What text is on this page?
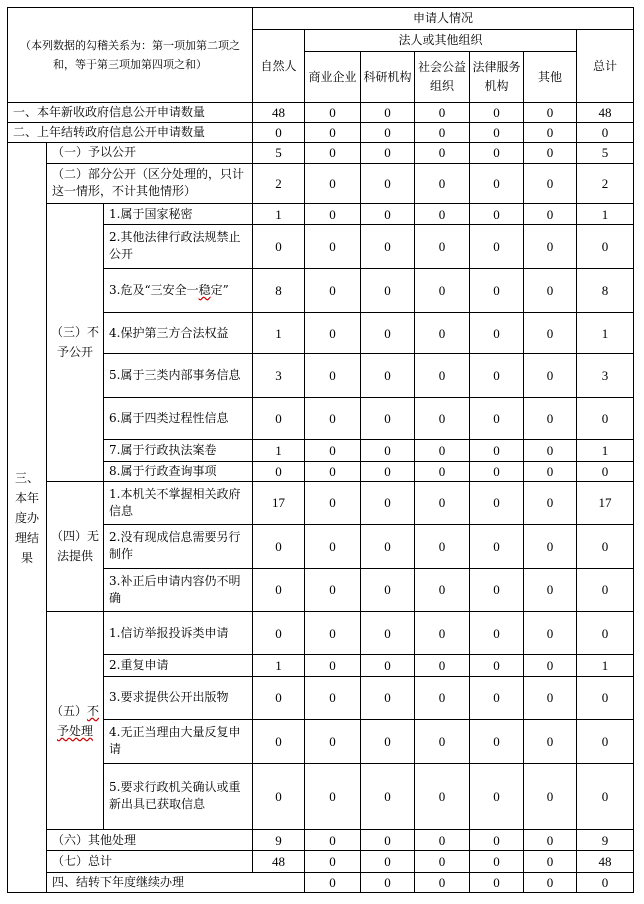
（本列数据的勾稽关系为：第一项加第二项之和，等于第三项加第四项之和）			申请人情况							
			自然人	法人或其他组织					总计	
				商业企业	科研机构	社会公益组织	法律服务机构	其他		
一、本年新收政府信息公开申请数量			48	0	0	0	0	0	48	
二、上年结转政府信息公开申请数量			0	0	0	0	0	0	0	
三、本年度办理结果	（一）予以公开		5	0	0	0	0	0	5	
	（二）部分公开（区分处理的，只计这一情形，不计其他情形）		2	0	0	0	0	0	2	
	（三）不予公开	1.属于国家秘密	1	0	0	0	0	0	1	
		2.其他法律行政法规禁止公开	0	0	0	0	0	0	0	
		3.危及“三安全一稳定”	8	0	0	0	0	0	8	
		4.保护第三方合法权益	1	0	0	0	0	0	1	
		5.属于三类内部事务信息	3	0	0	0	0	0	3	
		6.属于四类过程性信息	0	0	0	0	0	0	0	
		7.属于行政执法案卷	1	0	0	0	0	0	1	
		8.属于行政查询事项	0	0	0	0	0	0	0	
	（四）无法提供	1.本机关不掌握相关政府信息	17	0	0	0	0	0	17	
		2.没有现成信息需要另行制作	0	0	0	0	0	0	0	
		3.补正后申请内容仍不明确	0	0	0	0	0	0	0	
	（五）不予处理	1.信访举报投诉类申请	0	0	0	0	0	0	0	
		2.重复申请	1	0	0	0	0	0	1	
		3.要求提供公开出版物	0	0	0	0	0	0	0	
		4.无正当理由大量反复申请	0	0	0	0	0	0	0	
		5.要求行政机关确认或重新出具已获取信息	0	0	0	0	0	0	0	
	（六）其他处理		9	0	0	0	0	0	9	
	（七）总计		48	0	0	0	0	0	48	
	四、结转下年度继续办理			0	0	0	0	0	0	
